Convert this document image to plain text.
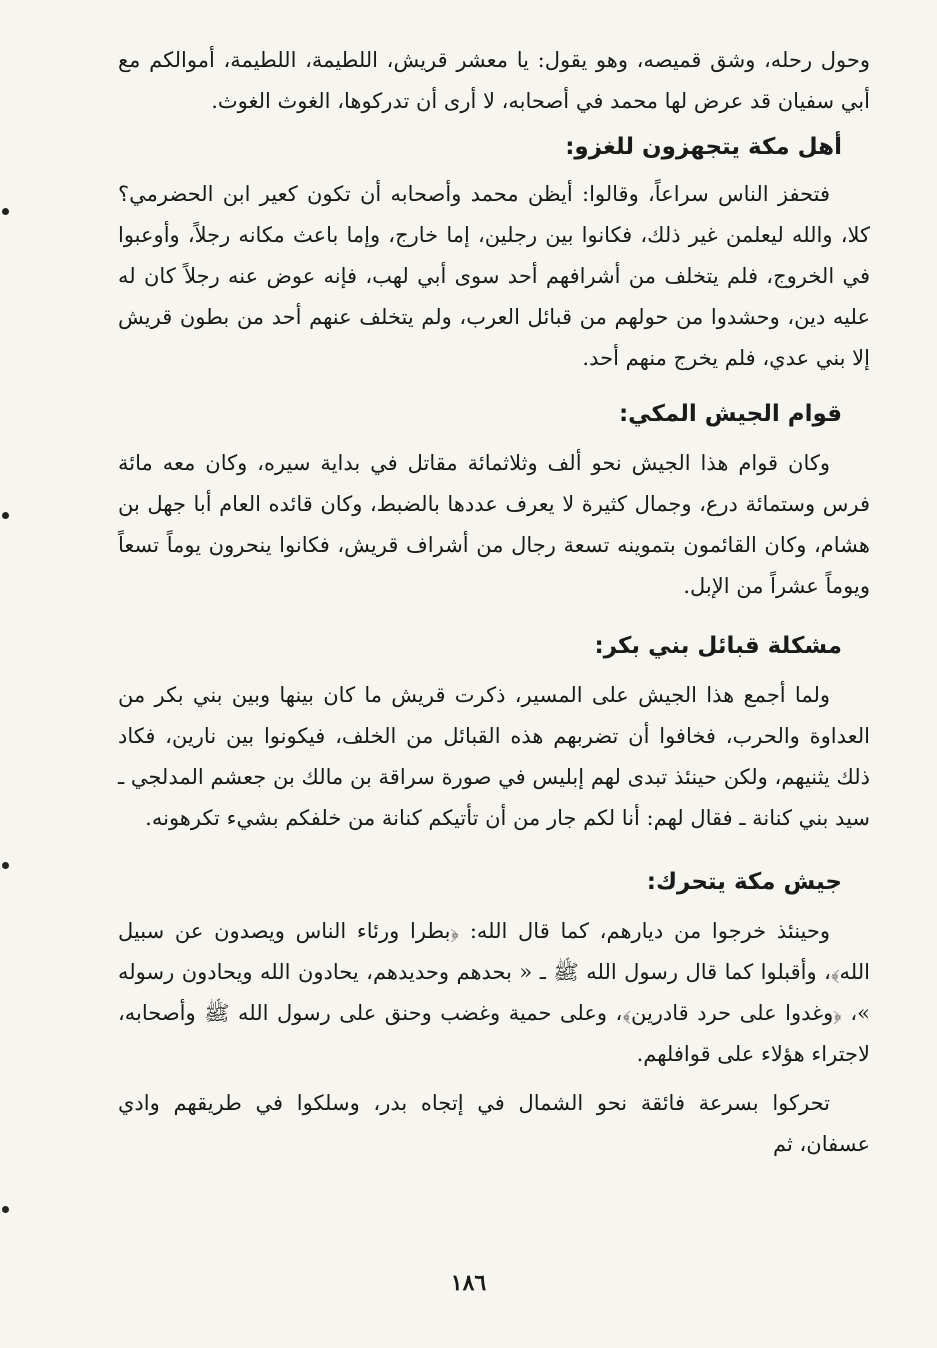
وحول رحله، وشق قميصه، وهو يقول: يا معشر قريش، اللطيمة، اللطيمة، أموالكم مع أبي سفيان قد عرض لها محمد في أصحابه، لا أرى أن تدركوها، الغوث الغوث.

أهل مكة يتجهزون للغزو:

فتحفز الناس سراعاً، وقالوا: أيظن محمد وأصحابه أن تكون كعير ابن الحضرمي؟ كلا، والله ليعلمن غير ذلك، فكانوا بين رجلين، إما خارج، وإما باعث مكانه رجلاً، وأوعبوا في الخروج، فلم يتخلف من أشرافهم أحد سوى أبي لهب، فإنه عوض عنه رجلاً كان له عليه دين، وحشدوا من حولهم من قبائل العرب، ولم يتخلف عنهم أحد من بطون قريش إلا بني عدي، فلم يخرج منهم أحد.

قوام الجيش المكي:

وكان قوام هذا الجيش نحو ألف وثلاثمائة مقاتل في بداية سيره، وكان معه مائة فرس وستمائة درع، وجمال كثيرة لا يعرف عددها بالضبط، وكان قائده العام أبا جهل بن هشام، وكان القائمون بتموينه تسعة رجال من أشراف قريش، فكانوا ينحرون يوماً تسعاً ويوماً عشراً من الإبل.

مشكلة قبائل بني بكر:

ولما أجمع هذا الجيش على المسير، ذكرت قريش ما كان بينها وبين بني بكر من العداوة والحرب، فخافوا أن تضربهم هذه القبائل من الخلف، فيكونوا بين نارين، فكاد ذلك يثنيهم، ولكن حينئذ تبدى لهم إبليس في صورة سراقة بن مالك بن جعشم المدلجي ـ سيد بني كنانة ـ فقال لهم: أنا لكم جار من أن تأتيكم كنانة من خلفكم بشيء تكرهونه.

جيش مكة يتحرك:

وحينئذ خرجوا من ديارهم، كما قال الله: ﴿بطرا ورئاء الناس ويصدون عن سبيل الله﴾، وأقبلوا كما قال رسول الله ﷺ ـ « بحدهم وحديدهم، يحادون الله ويحادون رسوله »، ﴿وغدوا على حرد قادرين﴾، وعلى حمية وغضب وحنق على رسول الله ﷺ وأصحابه، لاجتراء هؤلاء على قوافلهم.

تحركوا بسرعة فائقة نحو الشمال في إتجاه بدر، وسلكوا في طريقهم وادي عسفان، ثم

١٨٦
